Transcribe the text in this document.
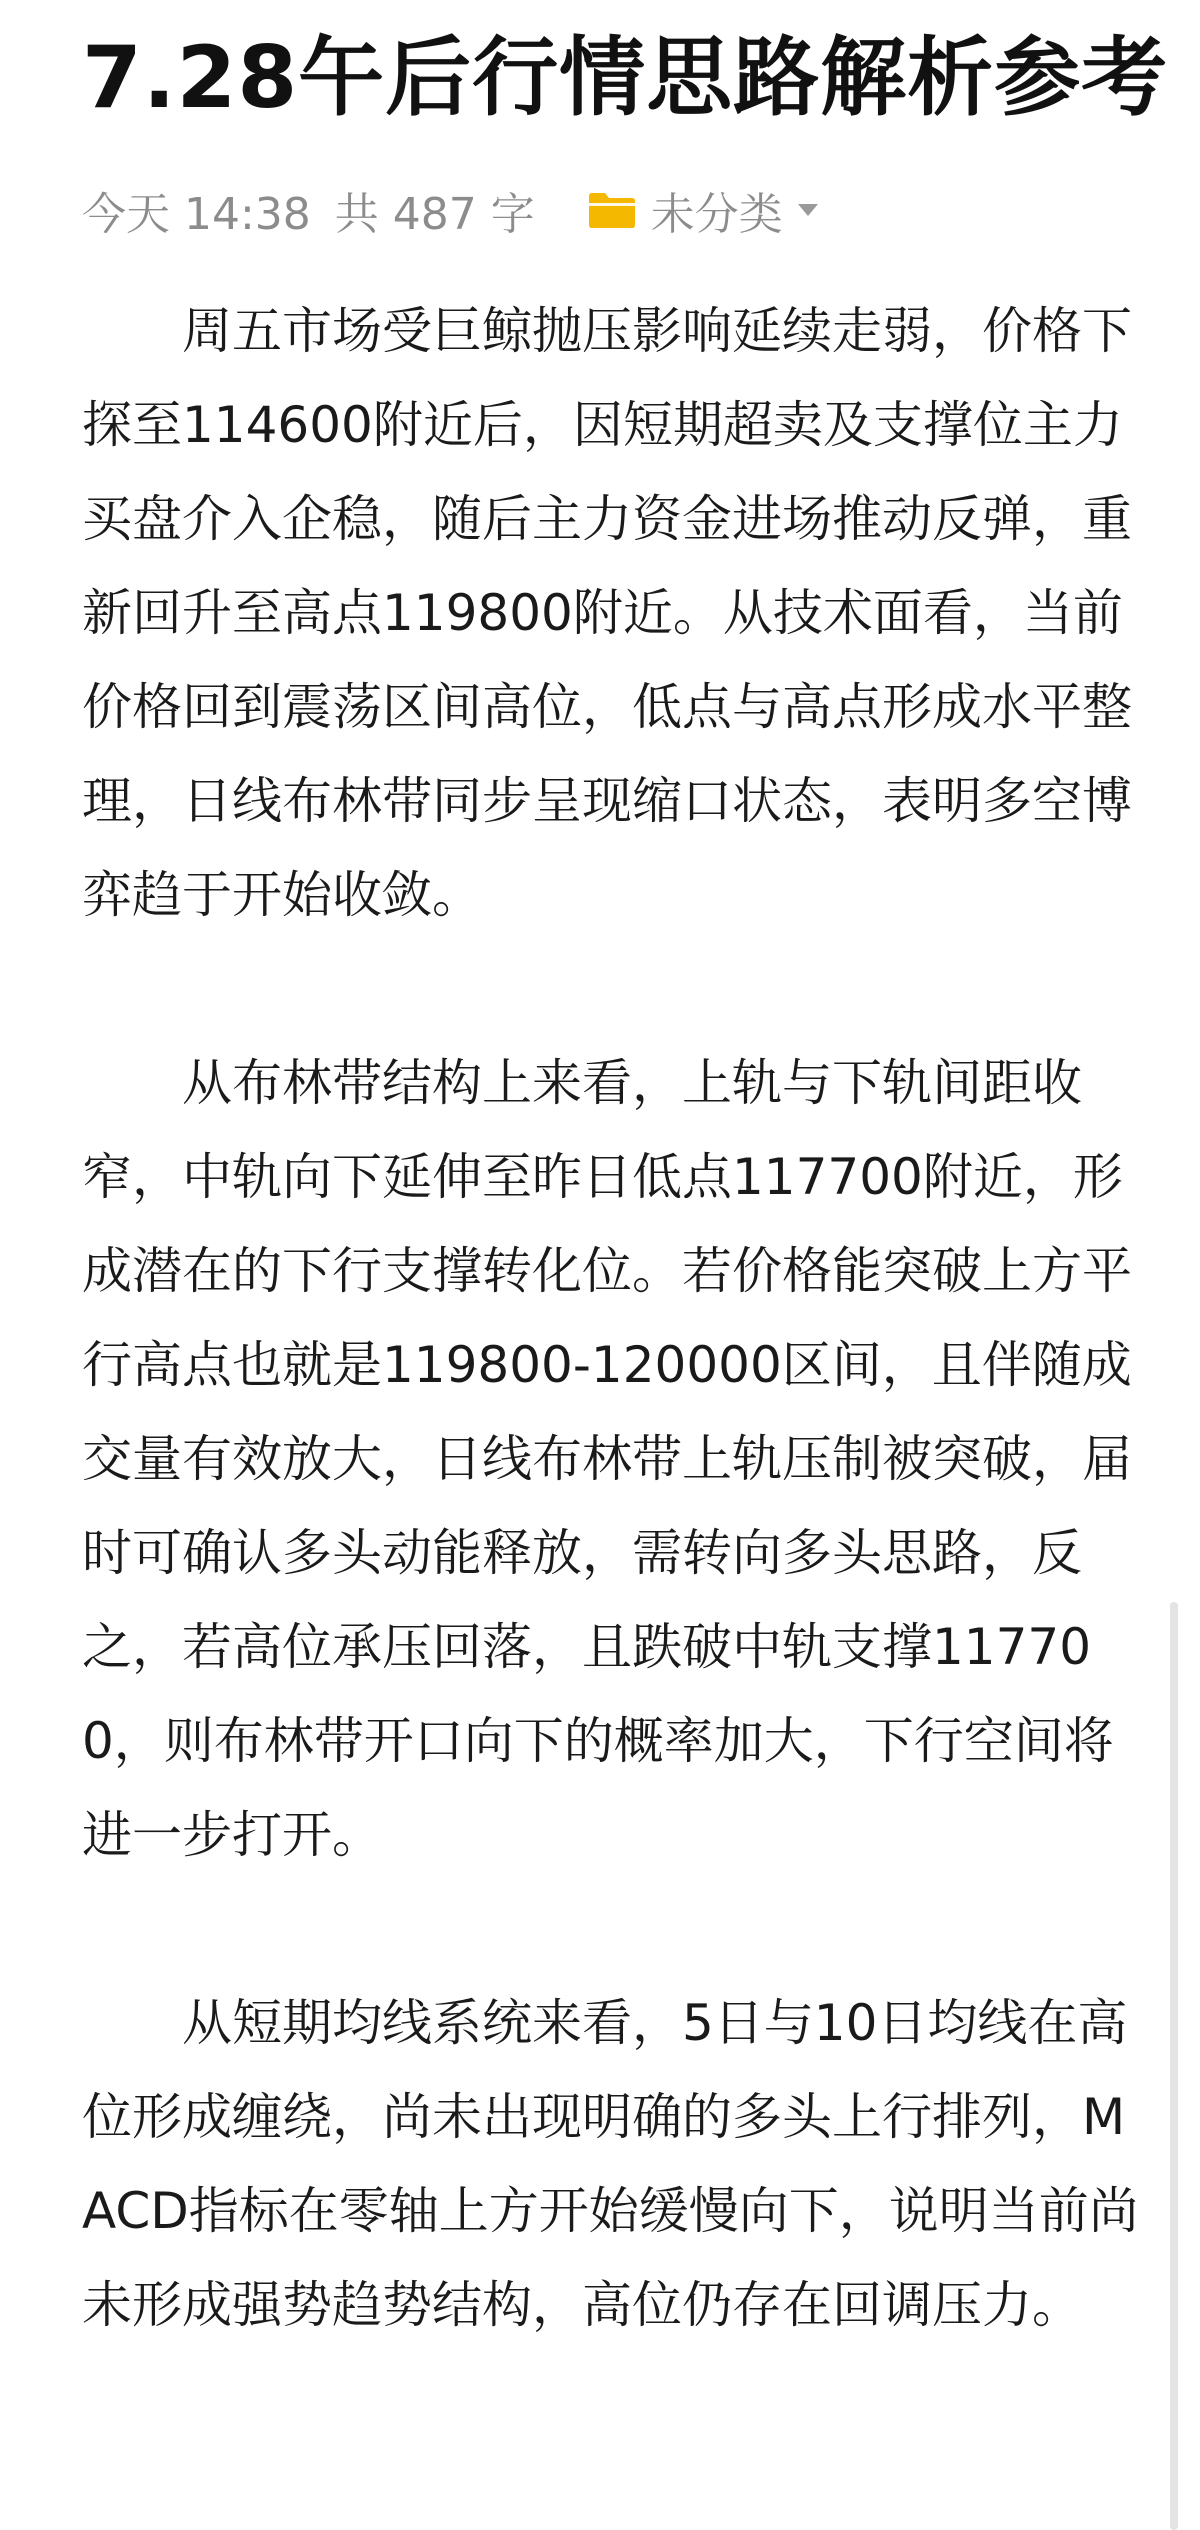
7.28午后行情思路解析参考
今天 14:38 共 487 字	未分类

周五市场受巨鲸抛压影响延续走弱，价格下探至114600附近后，因短期超卖及支撑位主力买盘介入企稳，随后主力资金进场推动反弹，重新回升至高点119800附近。从技术面看，当前价格回到震荡区间高位，低点与高点形成水平整理，日线布林带同步呈现缩口状态，表明多空博弈趋于开始收敛。

从布林带结构上来看，上轨与下轨间距收窄，中轨向下延伸至昨日低点117700附近，形成潜在的下行支撑转化位。若价格能突破上方平行高点也就是119800-120000区间，且伴随成交量有效放大，日线布林带上轨压制被突破，届时可确认多头动能释放，需转向多头思路，反之，若高位承压回落，且跌破中轨支撑117700，则布林带开口向下的概率加大，下行空间将进一步打开。

从短期均线系统来看，5日与10日均线在高位形成缠绕，尚未出现明确的多头上行排列，MACD指标在零轴上方开始缓慢向下，说明当前尚未形成强势趋势结构，高位仍存在回调压力。
